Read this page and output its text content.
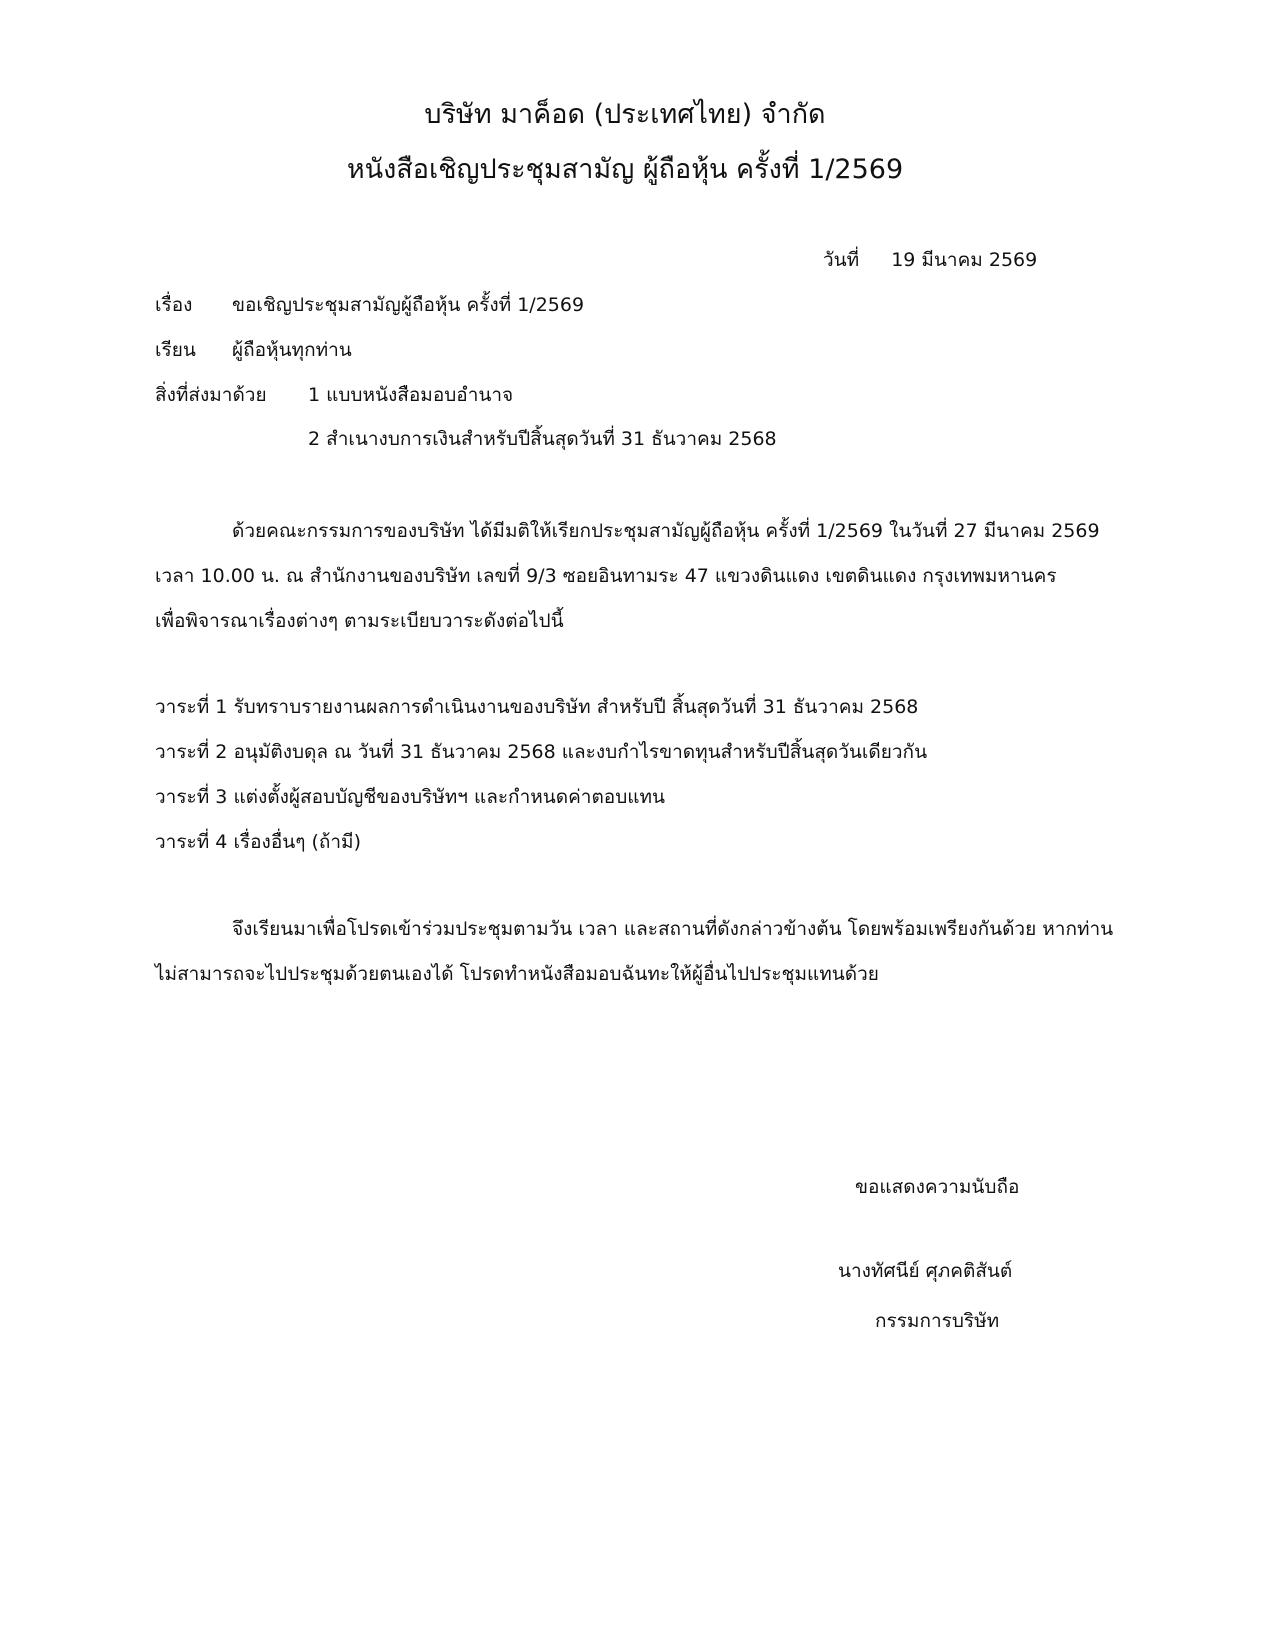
บริษัท มาค็อด (ประเทศไทย) จำกัด
หนังสือเชิญประชุมสามัญ ผู้ถือหุ้น ครั้งที่ 1/2569
วันที่ 19 มีนาคม 2569
เรื่อง ขอเชิญประชุมสามัญผู้ถือหุ้น ครั้งที่ 1/2569
เรียน ผู้ถือหุ้นทุกท่าน
สิ่งที่ส่งมาด้วย 1 แบบหนังสือมอบอำนาจ
2 สำเนางบการเงินสำหรับปีสิ้นสุดวันที่ 31 ธันวาคม 2568
ด้วยคณะกรรมการของบริษัท ได้มีมติให้เรียกประชุมสามัญผู้ถือหุ้น ครั้งที่ 1/2569 ในวันที่ 27 มีนาคม 2569
เวลา 10.00 น. ณ สำนักงานของบริษัท เลขที่ 9/3 ซอยอินทามระ 47 แขวงดินแดง เขตดินแดง กรุงเทพมหานคร
เพื่อพิจารณาเรื่องต่างๆ ตามระเบียบวาระดังต่อไปนี้
วาระที่ 1 รับทราบรายงานผลการดำเนินงานของบริษัท สำหรับปี สิ้นสุดวันที่ 31 ธันวาคม 2568
วาระที่ 2 อนุมัติงบดุล ณ วันที่ 31 ธันวาคม 2568 และงบกำไรขาดทุนสำหรับปีสิ้นสุดวันเดียวกัน
วาระที่ 3 แต่งตั้งผู้สอบบัญชีของบริษัทฯ และกำหนดค่าตอบแทน
วาระที่ 4 เรื่องอื่นๆ (ถ้ามี)
จึงเรียนมาเพื่อโปรดเข้าร่วมประชุมตามวัน เวลา และสถานที่ดังกล่าวข้างต้น โดยพร้อมเพรียงกันด้วย หากท่าน
ไม่สามารถจะไปประชุมด้วยตนเองได้ โปรดทำหนังสือมอบฉันทะให้ผู้อื่นไปประชุมแทนด้วย
ขอแสดงความนับถือ
นางทัศนีย์ ศุภคติสันต์
กรรมการบริษัท
